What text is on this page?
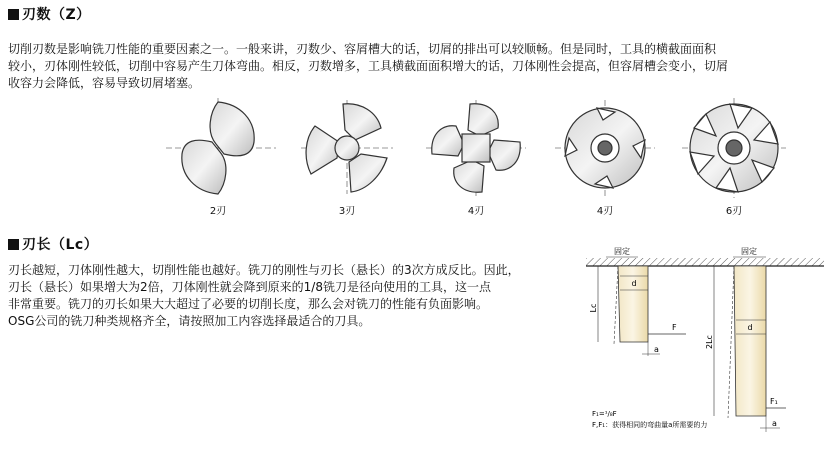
刃数（Z）
切削刃数是影响铣刀性能的重要因素之一。一般来讲，刃数少、容屑槽大的话，切屑的排出可以较顺畅。但是同时，工具的横截面面积
较小，刃体刚性较低，切削中容易产生刀体弯曲。相反，刃数增多，工具横截面面积增大的话，刀体刚性会提高，但容屑槽会变小，切屑
收容力会降低，容易导致切屑堵塞。
2刃	3刃	4刃	4刃	6刃
刃长（Lc）
刃长越短，刀体刚性越大，切削性能也越好。铣刀的刚性与刃长（悬长）的3次方成反比。因此，
刃长（悬长）如果增大为2倍，刀体刚性就会降到原来的1/8铣刀是径向使用的工具，这一点
非常重要。铣刀的刃长如果大大超过了必要的切削长度，那么会对铣刀的性能有负面影响。
OSG公司的铣刀种类规格齐全，请按照加工内容选择最适合的刀具。
固定	固定
d
Lc
F
a
d
2Lc
F₁
a
F₁=¹/₈F
F,F₁：获得相同的弯曲量a所需要的力
